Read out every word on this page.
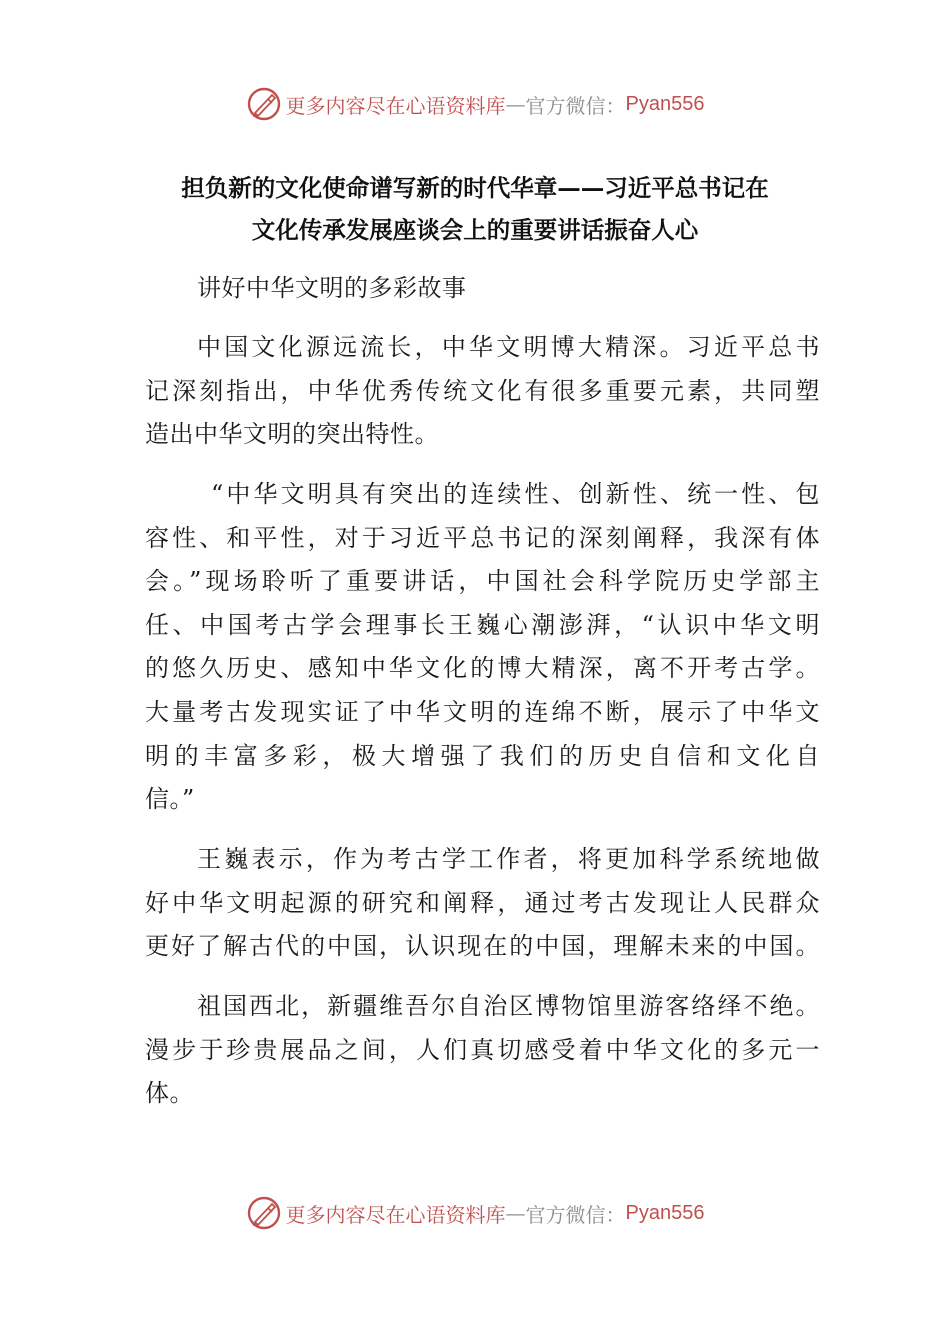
更多内容尽在心语资料库 — 官方微信： Pyan556
担负新的文化使命谱写新的时代华章——习近平总书记在
文化传承发展座谈会上的重要讲话振奋人心
讲好中华文明的多彩故事
中国文化源远流长，中华文明博大精深。习近平总书
记深刻指出，中华优秀传统文化有很多重要元素，共同塑
造出中华文明的突出特性。
“中华文明具有突出的连续性、创新性、统一性、包
容性、和平性，对于习近平总书记的深刻阐释，我深有体
会。”现场聆听了重要讲话，中国社会科学院历史学部主
任、中国考古学会理事长王巍心潮澎湃，“认识中华文明
的悠久历史、感知中华文化的博大精深，离不开考古学。
大量考古发现实证了中华文明的连绵不断，展示了中华文
明的丰富多彩，极大增强了我们的历史自信和文化自
信。”
王巍表示，作为考古学工作者，将更加科学系统地做
好中华文明起源的研究和阐释，通过考古发现让人民群众
更好了解古代的中国，认识现在的中国，理解未来的中国。
祖国西北，新疆维吾尔自治区博物馆里游客络绎不绝。
漫步于珍贵展品之间，人们真切感受着中华文化的多元一
体。
更多内容尽在心语资料库 — 官方微信： Pyan556
